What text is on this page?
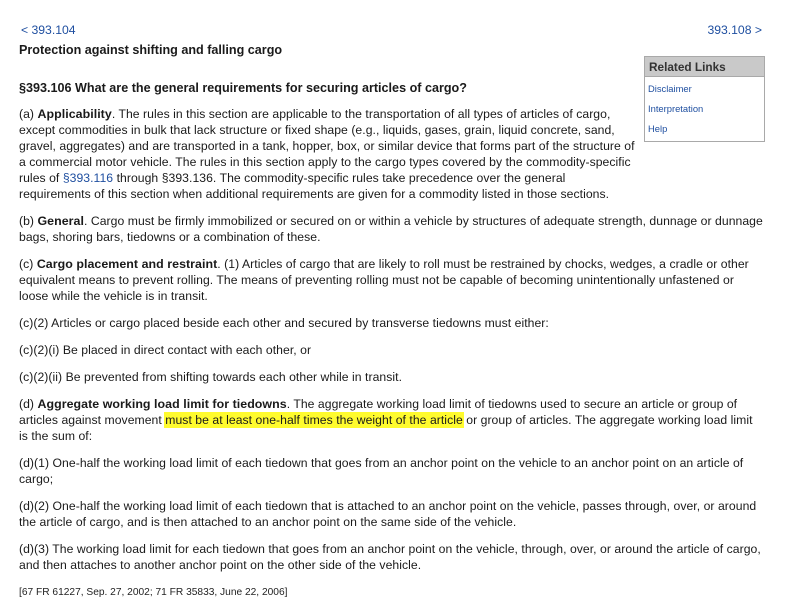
< 393.104	393.108 >
Protection against shifting and falling cargo
§393.106 What are the general requirements for securing articles of cargo?

(a) Applicability. The rules in this section are applicable to the transportation of all types of articles of cargo, except commodities in bulk that lack structure or fixed shape (e.g., liquids, gases, grain, liquid concrete, sand, gravel, aggregates) and are transported in a tank, hopper, box, or similar device that forms part of the structure of a commercial motor vehicle. The rules in this section apply to the cargo types covered by the commodity-specific rules of §393.116 through §393.136. The commodity-specific rules take precedence over the general requirements of this section when additional requirements are given for a commodity listed in those sections.

(b) General. Cargo must be firmly immobilized or secured on or within a vehicle by structures of adequate strength, dunnage or dunnage bags, shoring bars, tiedowns or a combination of these.

(c) Cargo placement and restraint. (1) Articles of cargo that are likely to roll must be restrained by chocks, wedges, a cradle or other equivalent means to prevent rolling. The means of preventing rolling must not be capable of becoming unintentionally unfastened or loose while the vehicle is in transit.

(c)(2) Articles or cargo placed beside each other and secured by transverse tiedowns must either:

(c)(2)(i) Be placed in direct contact with each other, or

(c)(2)(ii) Be prevented from shifting towards each other while in transit.

(d) Aggregate working load limit for tiedowns. The aggregate working load limit of tiedowns used to secure an article or group of articles against movement must be at least one-half times the weight of the article or group of articles. The aggregate working load limit is the sum of:

(d)(1) One-half the working load limit of each tiedown that goes from an anchor point on the vehicle to an anchor point on an article of cargo;

(d)(2) One-half the working load limit of each tiedown that is attached to an anchor point on the vehicle, passes through, over, or around the article of cargo, and is then attached to an anchor point on the same side of the vehicle.

(d)(3) The working load limit for each tiedown that goes from an anchor point on the vehicle, through, over, or around the article of cargo, and then attaches to another anchor point on the other side of the vehicle.

[67 FR 61227, Sep. 27, 2002; 71 FR 35833, June 22, 2006]
Related Links
Disclaimer
Interpretation
Help
